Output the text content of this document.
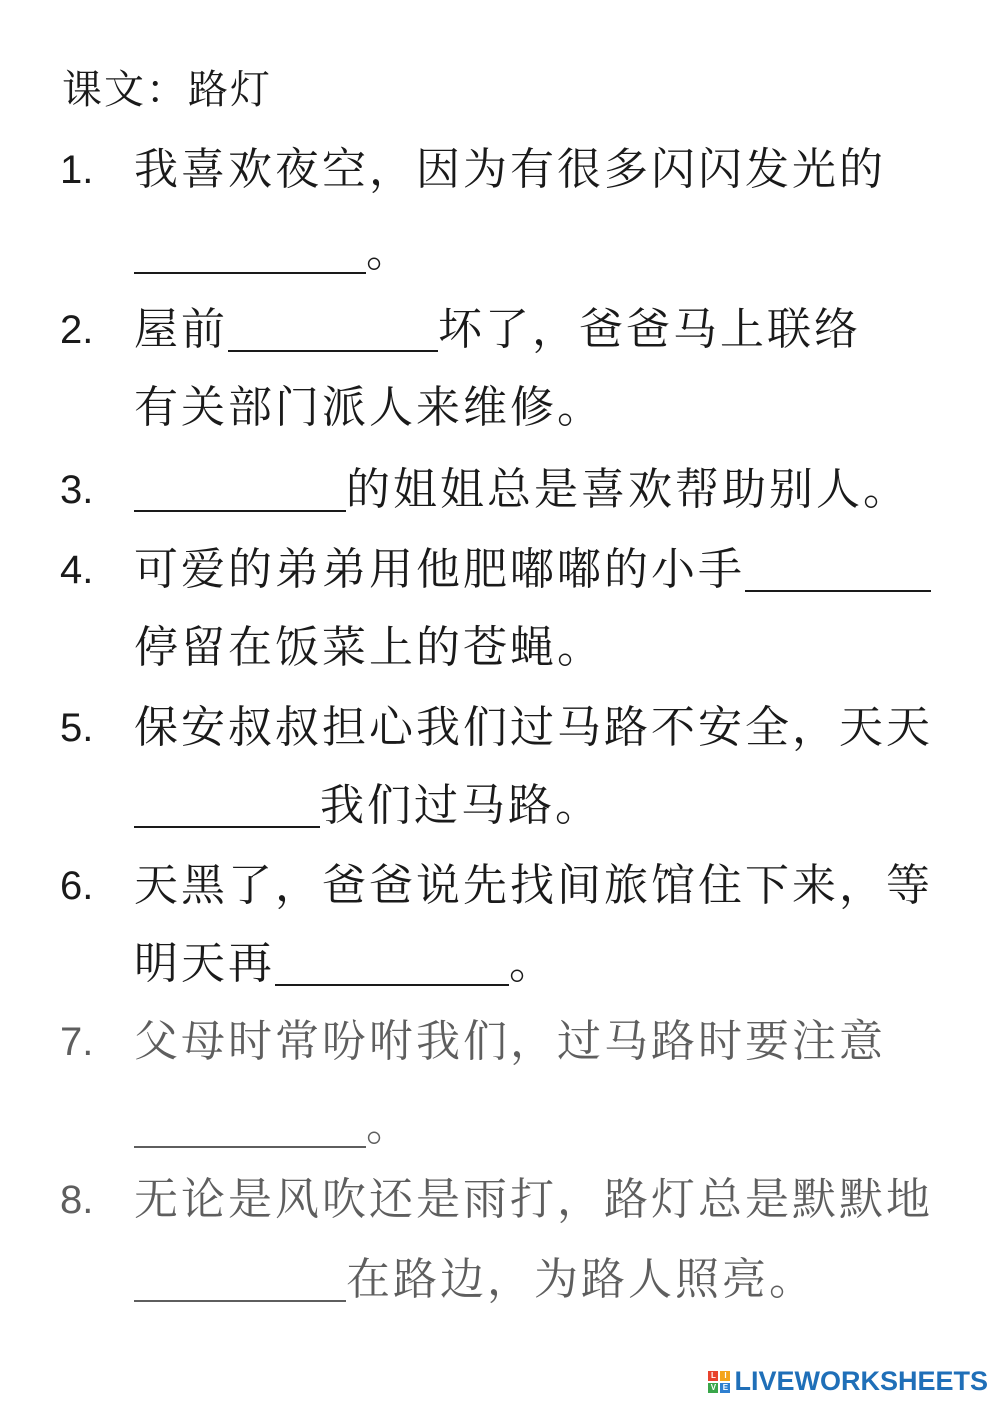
课文：路灯
1. 我喜欢夜空，因为有很多闪闪发光的
。
2. 屋前	坏了，爸爸马上联络
有关部门派人来维修。
3.	的姐姐总是喜欢帮助别人。
4. 可爱的弟弟用他肥嘟嘟的小手
停留在饭菜上的苍蝇。
5. 保安叔叔担心我们过马路不安全，天天
我们过马路。
6. 天黑了，爸爸说先找间旅馆住下来，等
明天再	。
7. 父母时常吩咐我们，过马路时要注意
。
8. 无论是风吹还是雨打，路灯总是默默地
在路边，为路人照亮。
L	I
V E LIVEWORKSHEETS
